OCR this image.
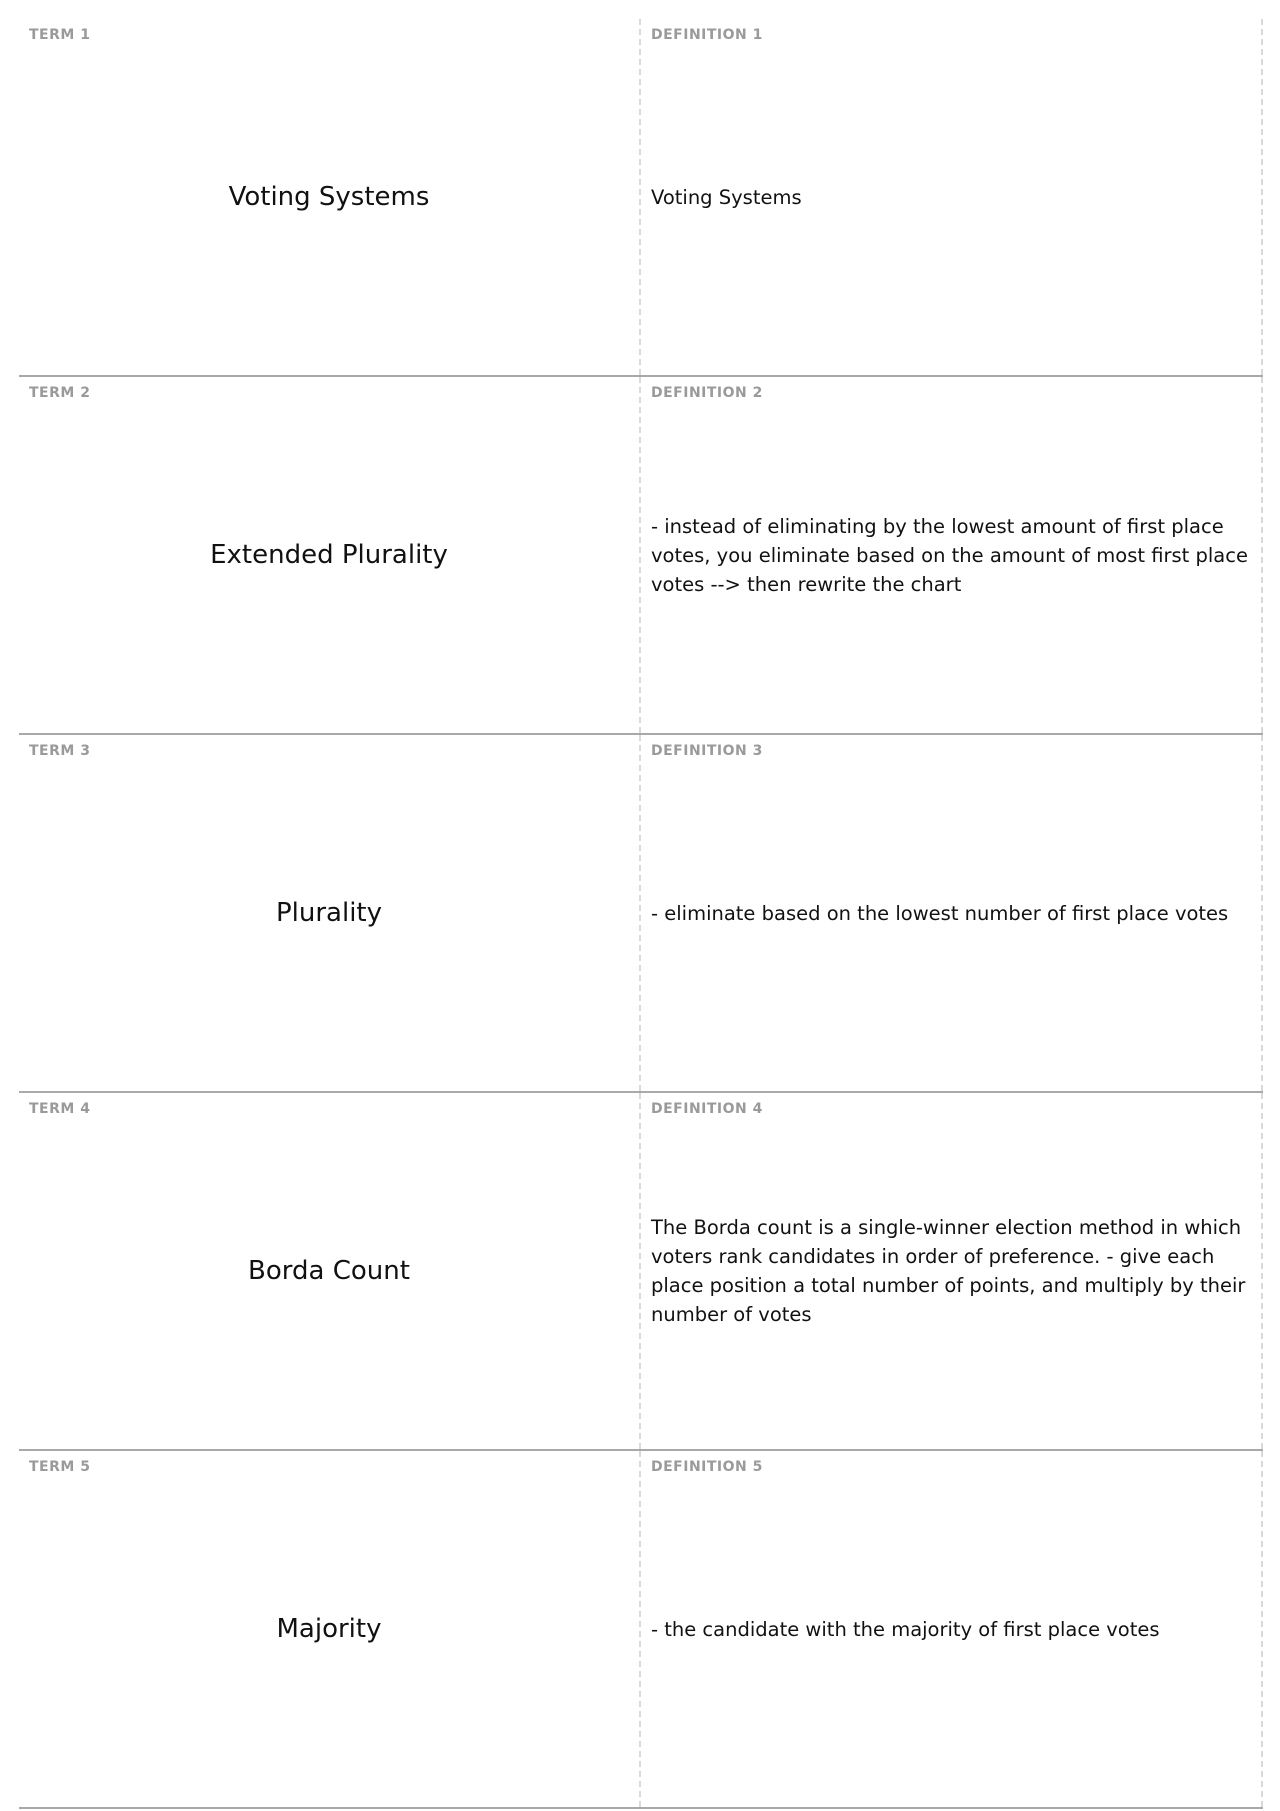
TERM 1
Voting Systems
DEFINITION 1
Voting Systems
TERM 2
Extended Plurality
DEFINITION 2
- instead of eliminating by the lowest amount of first place votes, you eliminate based on the amount of most first place votes --> then rewrite the chart
TERM 3
Plurality
DEFINITION 3
- eliminate based on the lowest number of first place votes
TERM 4
Borda Count
DEFINITION 4
The Borda count is a single-winner election method in which voters rank candidates in order of preference. - give each place position a total number of points, and multiply by their number of votes
TERM 5
Majority
DEFINITION 5
- the candidate with the majority of first place votes
